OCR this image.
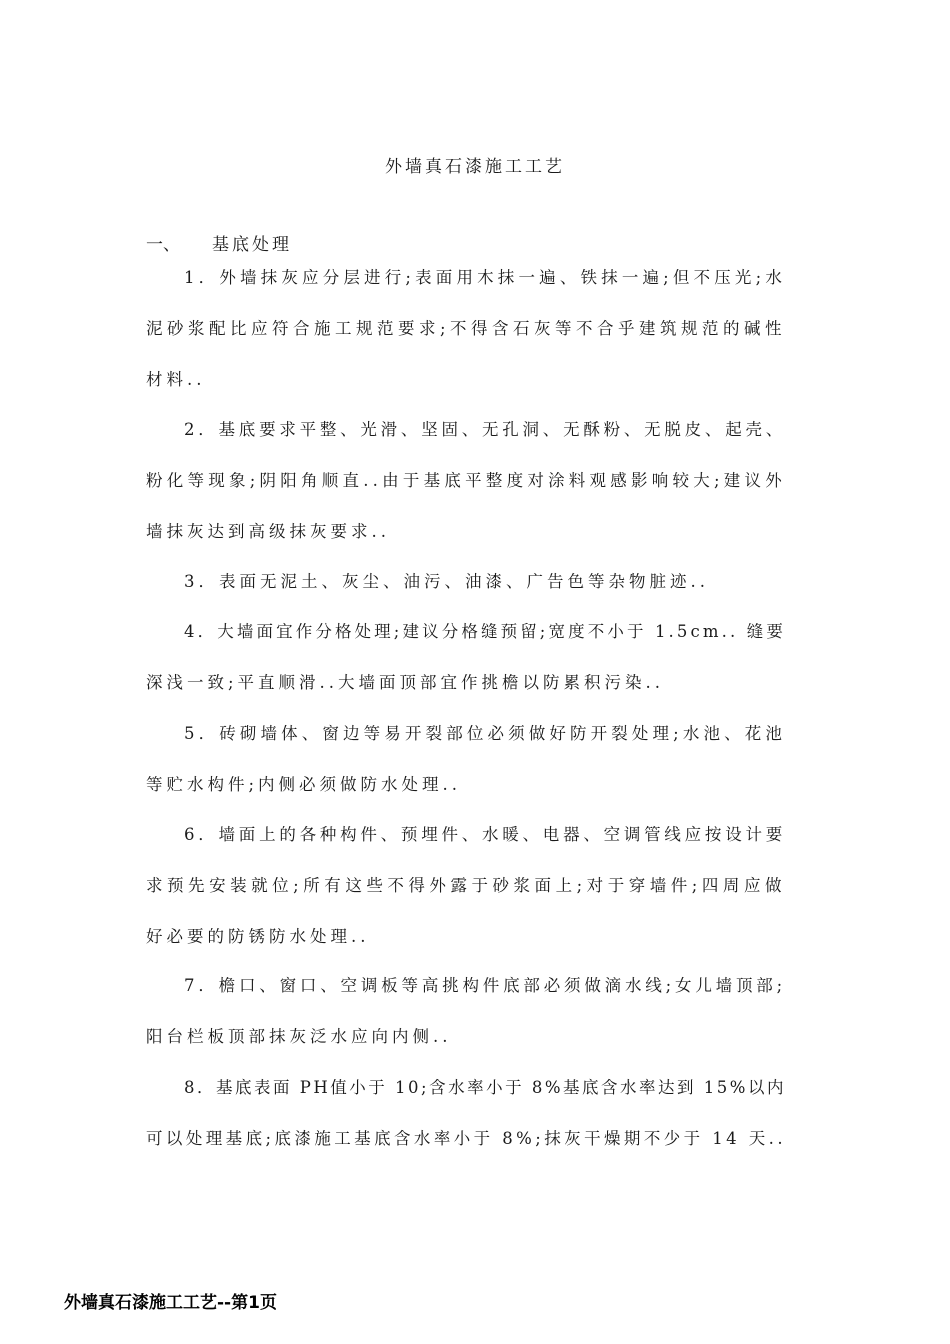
外墙真石漆施工工艺
一、 基底处理
1．外墙抹灰应分层进行;表面用木抹一遍、铁抹一遍;但不压光;水
泥砂浆配比应符合施工规范要求;不得含石灰等不合乎建筑规范的碱性
材料..
2．基底要求平整、光滑、坚固、无孔洞、无酥粉、无脱皮、起壳、
粉化等现象;阴阳角顺直..由于基底平整度对涂料观感影响较大;建议外
墙抹灰达到高级抹灰要求..
3．表面无泥土、灰尘、油污、油漆、广告色等杂物脏迹..
4．大墙面宜作分格处理;建议分格缝预留;宽度不小于 1.5cm.. 缝要
深浅一致;平直顺滑..大墙面顶部宜作挑檐以防累积污染..
5．砖砌墙体、窗边等易开裂部位必须做好防开裂处理;水池、花池
等贮水构件;内侧必须做防水处理..
6．墙面上的各种构件、预埋件、水暖、电器、空调管线应按设计要
求预先安装就位;所有这些不得外露于砂浆面上;对于穿墙件;四周应做
好必要的防锈防水处理..
7．檐口、窗口、空调板等高挑构件底部必须做滴水线;女儿墙顶部;
阳台栏板顶部抹灰泛水应向内侧..
8．基底表面 PH值小于 10;含水率小于 8%基底含水率达到 15%以内
可以处理基底;底漆施工基底含水率小于 8%;抹灰干燥期不少于 14 天..
外墙真石漆施工工艺--第1页
